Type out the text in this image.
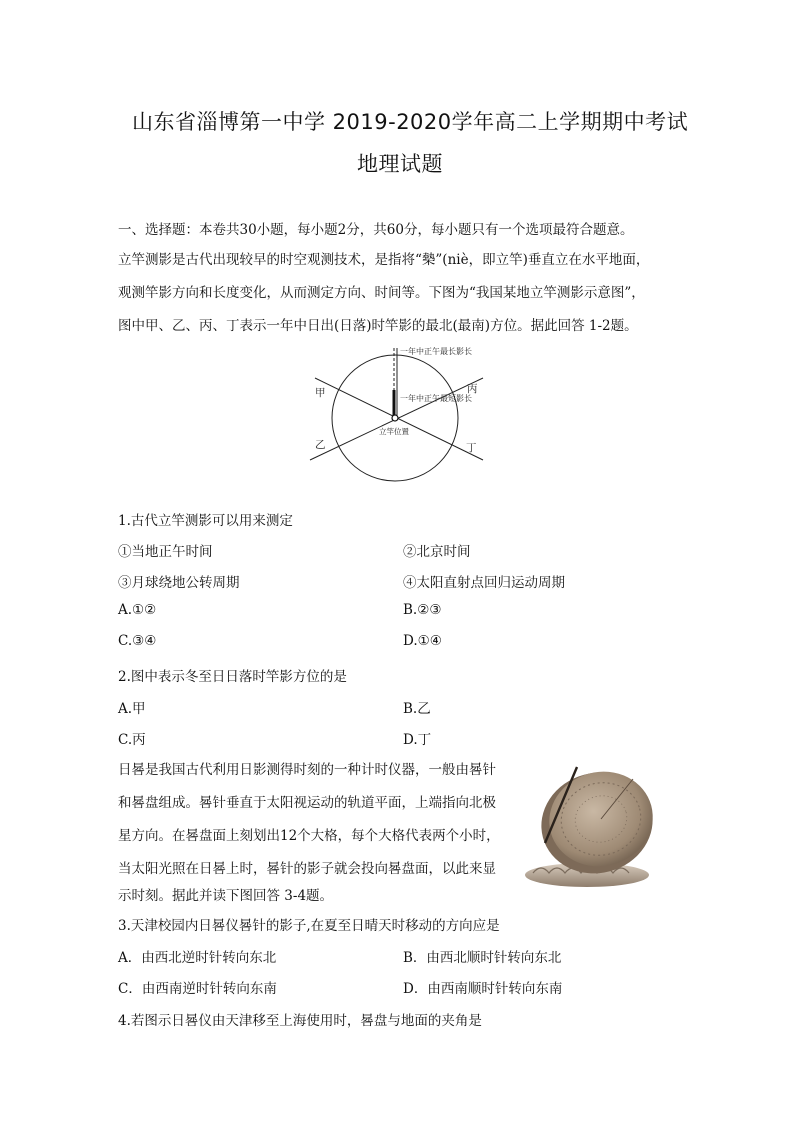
山东省淄博第一中学 2019-2020学年高二上学期期中考试
地理试题
一、选择题：本卷共30小题，每小题2分，共60分，每小题只有一个选项最符合题意。
立竿测影是古代出现较早的时空观测技术，是指将“槷”(niè，即立竿)垂直立在水平地面，
观测竿影方向和长度变化，从而测定方向、时间等。下图为“我国某地立竿测影示意图”，
图中甲、乙、丙、丁表示一年中日出(日落)时竿影的最北(最南)方位。据此回答 1-2题。
一年中正午最长影长
一年中正午最短影长
立竿位置
甲
乙
丙
丁
1.古代立竿测影可以用来测定
①当地正午时间	②北京时间
③月球绕地公转周期	④太阳直射点回归运动周期
A.①②	B.②③
C.③④	D.①④
2.图中表示冬至日日落时竿影方位的是
A.甲	B.乙
C.丙	D.丁
日晷是我国古代利用日影测得时刻的一种计时仪器，一般由晷针
和晷盘组成。晷针垂直于太阳视运动的轨道平面，上端指向北极
星方向。在晷盘面上刻划出12个大格，每个大格代表两个小时，
当太阳光照在日晷上时，晷针的影子就会投向晷盘面，以此来显
示时刻。据此并读下图回答 3-4题。
3.天津校园内日晷仪晷针的影子,在夏至日晴天时移动的方向应是
A．由西北逆时针转向东北	B．由西北顺时针转向东北
C．由西南逆时针转向东南	D．由西南顺时针转向东南
4.若图示日晷仪由天津移至上海使用时，晷盘与地面的夹角是
